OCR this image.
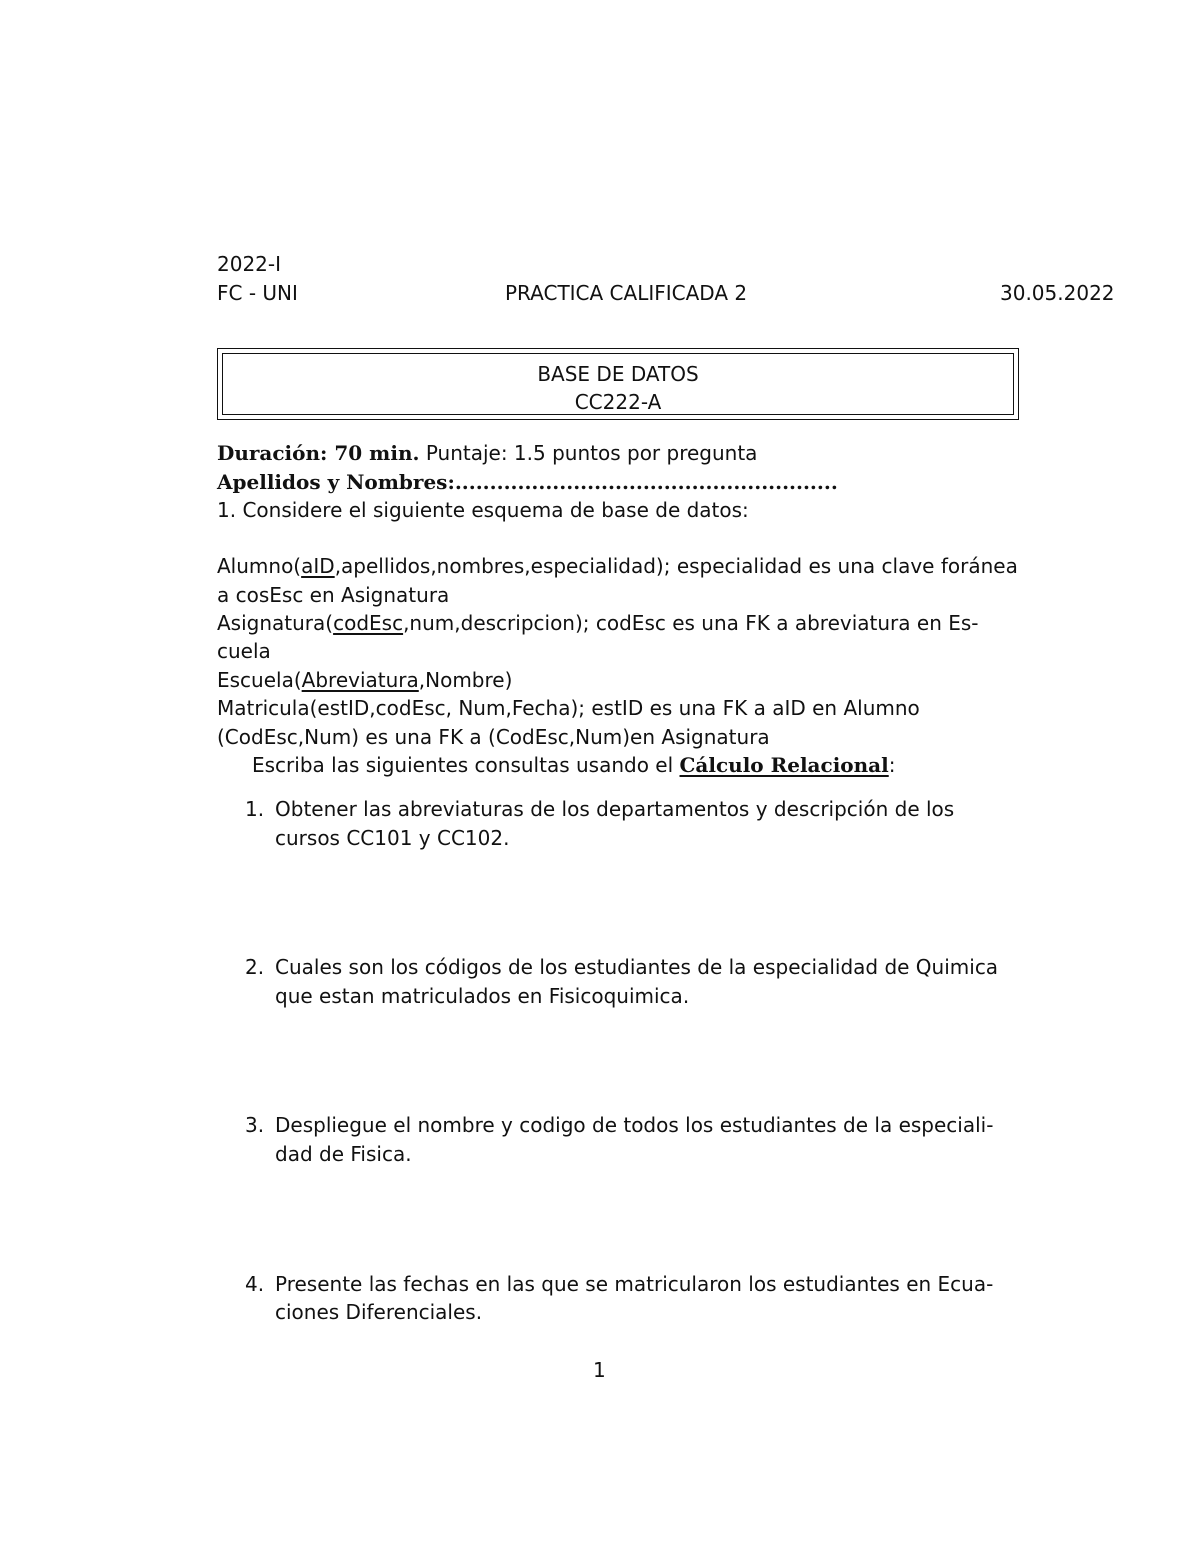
2022-I
FC - UNI	PRACTICA CALIFICADA 2	30.05.2022
BASE DE DATOS
CC222-A
Duración: 70 min. Puntaje: 1.5 puntos por pregunta
Apellidos y Nombres:.......................................................
1. Considere el siguiente esquema de base de datos:
Alumno(aID,apellidos,nombres,especialidad); especialidad es una clave foránea
a cosEsc en Asignatura
Asignatura(codEsc,num,descripcion); codEsc es una FK a abreviatura en Es-
cuela
Escuela(Abreviatura,Nombre)
Matricula(estID,codEsc, Num,Fecha); estID es una FK a aID en Alumno
(CodEsc,Num) es una FK a (CodEsc,Num)en Asignatura
Escriba las siguientes consultas usando el Cálculo Relacional:
1. Obtener las abreviaturas de los departamentos y descripción de los
cursos CC101 y CC102.
2. Cuales son los códigos de los estudiantes de la especialidad de Quimica
que estan matriculados en Fisicoquimica.
3. Despliegue el nombre y codigo de todos los estudiantes de la especiali-
dad de Fisica.
4. Presente las fechas en las que se matricularon los estudiantes en Ecua-
ciones Diferenciales.
1
